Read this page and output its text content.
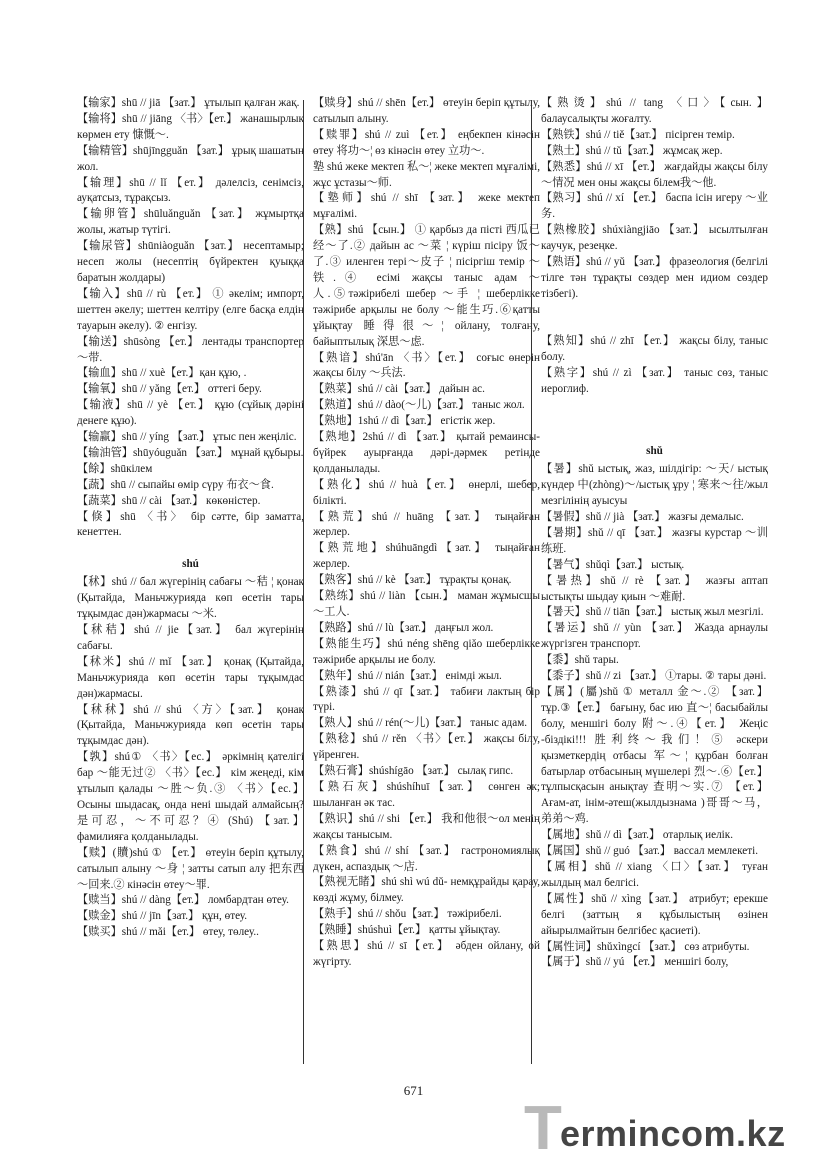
【输家】shū // jiā 【зат.】 ұтылып қалған жақ.

【输将】shū // jiāng 〈书〉【ет.】 жанашырлық көрмен ету 慷慨～.

【输精管】shūjīngguǎn 【зат.】 ұрық шашатын жол.

【输理】shū // lǐ 【ет.】 дәлелсіз, сенімсіз, ауқатсыз, тұрақсыз.

【输卵管】shūluǎnguǎn 【зат.】 жұмыртқа жолы, жатыр түтігі.

【输尿管】shūniàoguǎn 【зат.】 несептамыр; несеп жолы (несептің бүйректен қуыққа баратын жолдары)

【输入】shū // rù 【ет.】 ① әкелім; импорт, шеттен әкелу; шеттен келтіру (елге басқа елдің тауарын әкелу). ② енгізу.

【输送】shūsòng 【ет.】 лентады транспортер～带.

【输血】shū // xuè【ет.】қан құю, .

【输氧】shū // yǎng【ет.】 оттегі беру.

【输液】shū // yè 【ет.】 құю (сұйық дәріні денеге құю).

【输赢】shū // yíng 【зат.】 ұтыс пен жеңіліс.

【输油管】shūyóuguǎn 【зат.】 мұнай құбыры.

【餘】shūкілем

【蔬】shū // сыпайы өмір сүру 布衣～食.

【蔬菜】shū // cài 【зат.】 көкөністер.

【倏】shū 〈书〉 бір сәтте, бір заматта, кенеттен.

shú

【秫】shú // бал жүгерінің сабағы ～秸 ¦ қонақ (Қытайда, Маньчжурияда көп өсетін тары тұқымдас дән)жармасы ～米.

【秫秸】shú // jie【зат.】 бал жүгерінің сабағы.

【秫米】shú // mǐ 【зат.】 қонақ (Қытайда, Маньчжурияда көп өсетін тары тұқымдас дән)жармасы.

【秫秫】shú // shú 〈方〉【зат.】 қонақ (Қытайда, Маньчжурияда көп өсетін тары тұқымдас дән).

【孰】shú① 〈书〉【ес.】 әркімнің қателігі бар ～能无过② 〈书〉【ес.】 кім жеңеді, кім ұтылып қалады ～胜～负.③ 〈书〉【ес.】 Осыны шыдасақ, онда нені шыдай алмайсың?是可忍，～不可忍？④ (Shú) 【зат.】 фамилияға қолданылады.

【赎】(贖)shú ① 【ет.】 өтеуін беріп құтылу, сатылып алыну ～身 ¦ затты сатып алу 把东西～回来.② кінәсін өтеу～罪.

【赎当】shú // dàng【ет.】 ломбардтан өтеу.

【赎金】shú // jīn【зат.】 құн, өтеу.

【赎买】shú // mǎi【ет.】 өтеу, төлеу..

【赎身】shú // shēn【ет.】 өтеуін беріп құтылу, сатылып алыну.

【赎罪】shú // zuì 【ет.】 еңбекпен кінәсін өтеу 将功～¦ өз кінәсін өтеу 立功～.

塾 shú жеке мектеп 私～¦ жеке мектеп мұғалімі, жұс ұстазы～师.

【塾师】shú // shī 【зат.】 жеке мектеп мұғалімі.

【熟】shú 【сын.】 ① қарбыз да пісті 西瓜已经～了.② дайын ас ～菜 ¦ күріш пісіру 饭～了.③ иленген тері～皮子 ¦ пісіргіш темір ～铁.④ есімі жақсы таныс адам ～人.⑤тәжірибелі шебер ～手 ¦ шеберлікке тәжірибе арқылы не болу ～能生巧.⑥қатты ұйықтау 睡得很～¦ ойлану, толғану, байыптылық 深思～虑.

【熟谙】shú'ān 〈书〉【ет.】 соғыс өнерін жақсы білу ～兵法.

【熟菜】shú // cài【зат.】 дайын ас.

【熟道】shú // dào(～儿)【зат.】 таныс жол.

【熟地】1shú // dì【зат.】 егістік жер.

【熟地】2shú // dì 【зат.】 қытай ремаинсы- бүйрек ауырғанда дәрі-дәрмек ретінде қолданылады.

【熟化】shú // huà【ет.】 өнерлі, шебер, білікті.

【熟荒】shú // huāng 【зат.】 тыңайған жерлер.

【熟荒地】shúhuāngdì【зат.】 тыңайған жерлер.

【熟客】shú // kè 【зат.】 тұрақты қонақ.

【熟练】shú // liàn 【сын.】 маман жұмысшы ～工人.

【熟路】shú // lù【зат.】 даңғыл жол.

【熟能生巧】shú néng shēng qiǎo шеберлікке тәжірибе арқылы ие болу.

【熟年】shú // nián【зат.】 енімді жыл.

【熟漆】shú // qī【зат.】 табиғи лактың бір түрі.

【熟人】shú // rén(～儿)【зат.】 таныс адам.

【熟稔】shú // rěn 〈书〉【ет.】 жақсы білу, үйренген.

【熟石膏】shúshígāo 【зат.】 сылақ гипс.

【熟石灰】shúshíhuī【зат.】 сөнген әк; шыланған әк тас.

【熟识】shú // shi 【ет.】 我和他很～ол менің жақсы танысым.

【熟食】shú // shí 【зат.】 гастрономиялық дүкен, аспаздық ～店.

【熟视无睹】shú shì wú dǔ- немқұрайды қарау, көзді жұму, білмеу.

【熟手】shú // shǒu【зат.】 тәжірибелі.

【熟睡】shúshuì【ет.】 қатты ұйықтау.

【熟思】shú // sī【ет.】 әбден ойлану, ой жүгірту.

【熟烫】shú // tang 〈口〉【сын.】 балаусалықты жоғалту.

【熟铁】shú // tiě【зат.】 пісірген темір.

【熟土】shú // tǔ【зат.】 жұмсақ жер.

【熟悉】shú // xī 【ет.】 жағдайды жақсы білу ～情况 мен оны жақсы білем我～他.

【熟习】shú // xí 【ет.】 баспа ісін игеру ～业务.

【熟橡胶】shúxiàngjiāo 【зат.】 ысылтылған каучук, резеңке.

【熟语】shú // yǔ 【зат.】 фразеология (белгілі тілге тән тұрақты сөздер мен идиом сөздер тізбегі).

【熟知】shú // zhī 【ет.】 жақсы білу, таныс болу.

【熟字】shú // zì 【зат.】 таныс сөз, таныс иероглиф.

shǔ

【暑】shǔ ыстық, жаз, шілдігір: ～天/ ыстық күндер 中(zhòng)～/ыстық ұру ¦ 寒来～往/жыл мезгілінің ауысуы

【暑假】shǔ // jià 【зат.】 жазғы демалыс.

【暑期】shǔ // qī 【зат.】 жазғы курстар ～训练班.

【暑气】shǔqì【зат.】 ыстық.

【暑热】shǔ // rè 【зат.】 жазғы аптап ыстықты шыдау қиын ～难耐.

【暑天】shǔ // tiān【зат.】 ыстық жыл мезгілі.

【暑运】shǔ // yùn 【зат.】 Жазда арнаулы жүргізген транспорт.

【黍】shǔ тары.

【黍子】shǔ // zi 【зат.】 ①тары. ② тары дәні.

【属】(屬)shǔ ① металл 金～.② 【зат.】 тұр.③【ет.】 бағыну, бас ию 直～¦ басыбайлы болу, меншігі болу 附～.④【ет.】 Жеңіс -біздікі!!! 胜利终～我们！⑤ әскери қызметкердің отбасы 军～¦ құрбан болған батырлар отбасының мүшелері 烈～.⑥【ет.】 тұлпысқасын анықтау 查明～实.⑦ 【ет.】 Ағам-ат, інім-әтеш(жылдызнама )哥哥～马，弟弟～鸡.

【属地】shǔ // dì【зат.】 отарлық иелік.

【属国】shǔ // guó 【зат.】 вассал мемлекеті.

【属相】shǔ // xiang 〈口〉【зат.】 туған жылдың мал белгісі.

【属性】shǔ // xìng【зат.】 атрибут; ерекше белгі (заттың я құбылыстың өзінен айырылмайтын белгібес қасиеті).

【属性词】shǔxìngcí 【зат.】 сөз атрибуты.

【属于】shǔ // yú 【ет.】 меншігі болу,

671
T
ermincom.kz
